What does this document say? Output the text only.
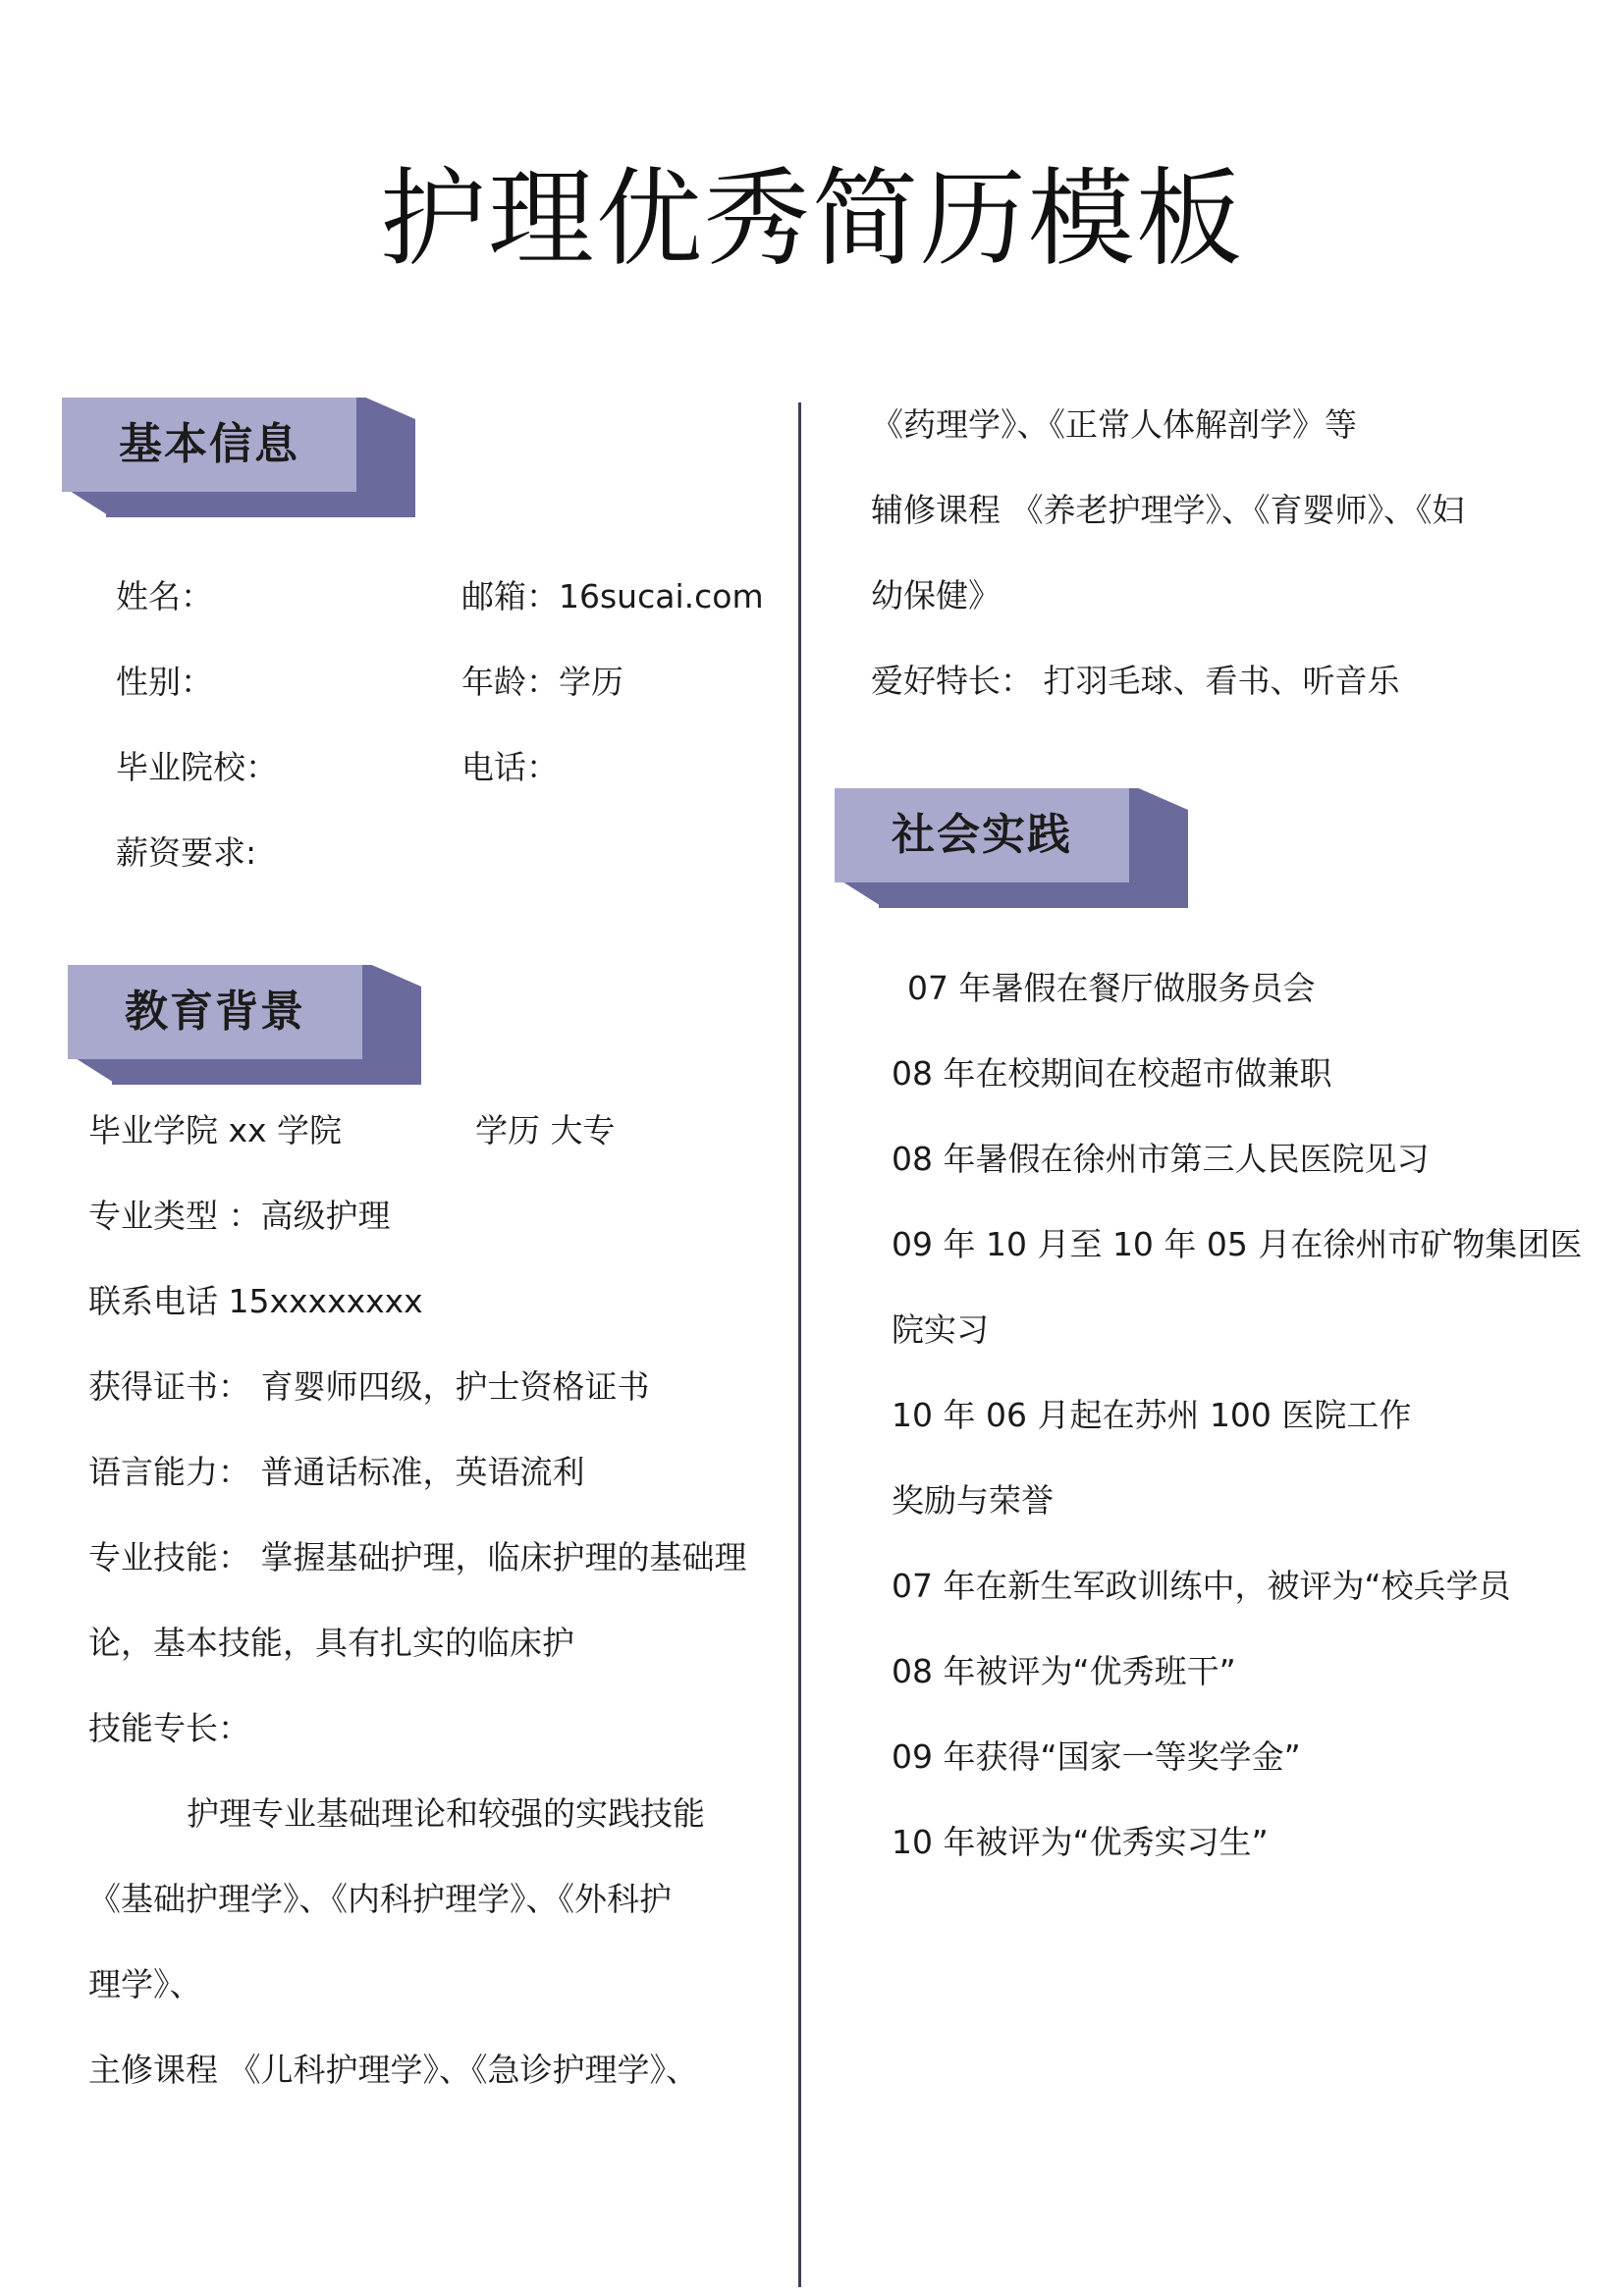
护理优秀简历模板
基本信息
姓名：	邮箱：16sucai.com
性别：	年龄：学历
毕业院校：	电话：
薪资要求:
教育背景
毕业学院 xx 学院	学历 大专
专业类型 ：高级护理
联系电话 15xxxxxxxx
获得证书： 育婴师四级，护士资格证书
语言能力： 普通话标准，英语流利
专业技能： 掌握基础护理，临床护理的基础理
论，基本技能，具有扎实的临床护
技能专长：
护理专业基础理论和较强的实践技能
《基础护理学》、《内科护理学》、《外科护
理学》、
主修课程 《儿科护理学》、《急诊护理学》、
《药理学》、《正常人体解剖学》等
辅修课程 《养老护理学》、《育婴师》、《妇
幼保健》
爱好特长： 打羽毛球、看书、听音乐
社会实践
07 年暑假在餐厅做服务员会
08 年在校期间在校超市做兼职
08 年暑假在徐州市第三人民医院见习
09 年 10 月至 10 年 05 月在徐州市矿物集团医
院实习
10 年 06 月起在苏州 100 医院工作
奖励与荣誉
07 年在新生军政训练中，被评为“校兵学员
08 年被评为“优秀班干”
09 年获得“国家一等奖学金”
10 年被评为“优秀实习生”
